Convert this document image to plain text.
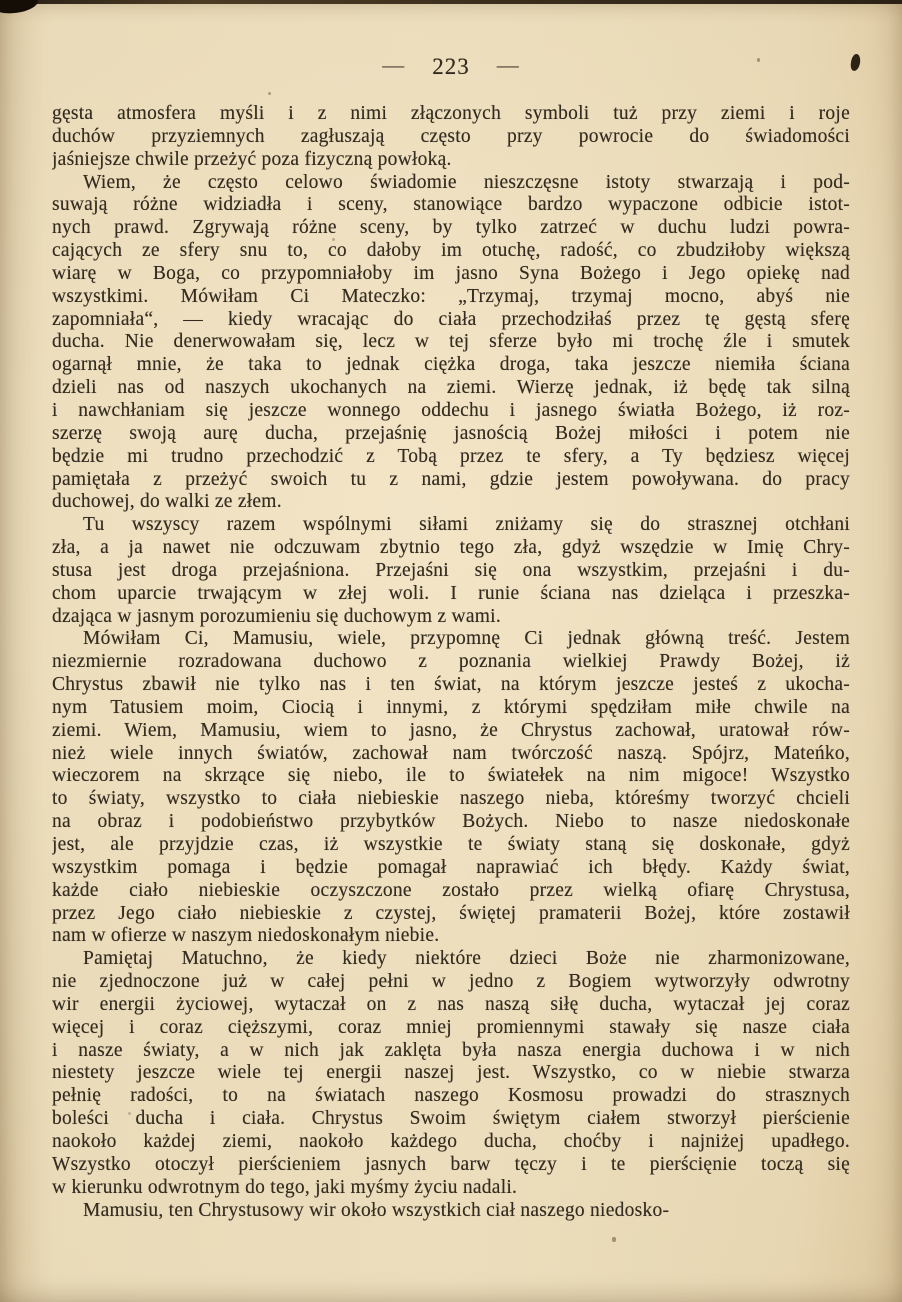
— 223 —
gęsta atmosfera myśli i z nimi złączonych symboli tuż przy ziemi i roje
duchów przyziemnych zagłuszają często przy powrocie do świadomości
jaśniejsze chwile przeżyć poza fizyczną powłoką.
Wiem, że często celowo świadomie nieszczęsne istoty stwarzają i pod-
suwają różne widziadła i sceny, stanowiące bardzo wypaczone odbicie istot-
nych prawd. Zgrywają różne sceny, by tylko zatrzeć w duchu ludzi powra-
cających ze sfery snu to, co dałoby im otuchę, radość, co zbudziłoby większą
wiarę w Boga, co przypomniałoby im jasno Syna Bożego i Jego opiekę nad
wszystkimi. Mówiłam Ci Mateczko: „Trzymaj, trzymaj mocno, abyś nie
zapomniała“, — kiedy wracając do ciała przechodziłaś przez tę gęstą sferę
ducha. Nie denerwowałam się, lecz w tej sferze było mi trochę źle i smutek
ogarnął mnie, że taka to jednak ciężka droga, taka jeszcze niemiła ściana
dzieli nas od naszych ukochanych na ziemi. Wierzę jednak, iż będę tak silną
i nawchłaniam się jeszcze wonnego oddechu i jasnego światła Bożego, iż roz-
szerzę swoją aurę ducha, przejaśnię jasnością Bożej miłości i potem nie
będzie mi trudno przechodzić z Tobą przez te sfery, a Ty będziesz więcej
pamiętała z przeżyć swoich tu z nami, gdzie jestem powoływana. do pracy
duchowej, do walki ze złem.
Tu wszyscy razem wspólnymi siłami zniżamy się do strasznej otchłani
zła, a ja nawet nie odczuwam zbytnio tego zła, gdyż wszędzie w Imię Chry-
stusa jest droga przejaśniona. Przejaśni się ona wszystkim, przejaśni i du-
chom uparcie trwającym w złej woli. I runie ściana nas dzieląca i przeszka-
dzająca w jasnym porozumieniu się duchowym z wami.
Mówiłam Ci, Mamusiu, wiele, przypomnę Ci jednak główną treść. Jestem
niezmiernie rozradowana duchowo z poznania wielkiej Prawdy Bożej, iż
Chrystus zbawił nie tylko nas i ten świat, na którym jeszcze jesteś z ukocha-
nym Tatusiem moim, Ciocią i innymi, z którymi spędziłam miłe chwile na
ziemi. Wiem, Mamusiu, wiem to jasno, że Chrystus zachował, uratował rów-
nież wiele innych światów, zachował nam twórczość naszą. Spójrz, Mateńko,
wieczorem na skrząсe się niebo, ile to światełek na nim migoce! Wszystko
to światy, wszystko to ciała niebieskie naszego nieba, któreśmy tworzyć chcieli
na obraz i podobieństwo przybytków Bożych. Niebo to nasze niedoskonałe
jest, ale przyjdzie czas, iż wszystkie te światy staną się doskonałe, gdyż
wszystkim pomaga i będzie pomagał naprawiać ich błędy. Każdy świat,
każde ciało niebieskie oczyszczone zostało przez wielką ofiarę Chrystusa,
przez Jego ciało niebieskie z czystej, świętej pramaterii Bożej, które zostawił
nam w ofierze w naszym niedoskonałym niebie.
Pamiętaj Matuchno, że kiedy niektóre dzieci Boże nie zharmonizowane,
nie zjednoczone już w całej pełni w jedno z Bogiem wytworzyły odwrotny
wir energii życiowej, wytaczał on z nas naszą siłę ducha, wytaczał jej coraz
więcej i coraz cięższymi, coraz mniej promiennymi stawały się nasze ciała
i nasze światy, a w nich jak zaklęta była nasza energia duchowa i w nich
niestety jeszcze wiele tej energii naszej jest. Wszystko, co w niebie stwarza
pełnię radości, to na światach naszego Kosmosu prowadzi do strasznych
boleści ducha i ciała. Chrystus Swoim świętym ciałem stworzył pierścienie
naokoło każdej ziemi, naokoło każdego ducha, choćby i najniżej upadłego.
Wszystko otoczył pierścieniem jasnych barw tęczy i te pierścięnie toczą się
w kierunku odwrotnym do tego, jaki myśmy życiu nadali.
Mamusiu, ten Chrystusowy wir około wszystkich ciał naszego niedosko-
